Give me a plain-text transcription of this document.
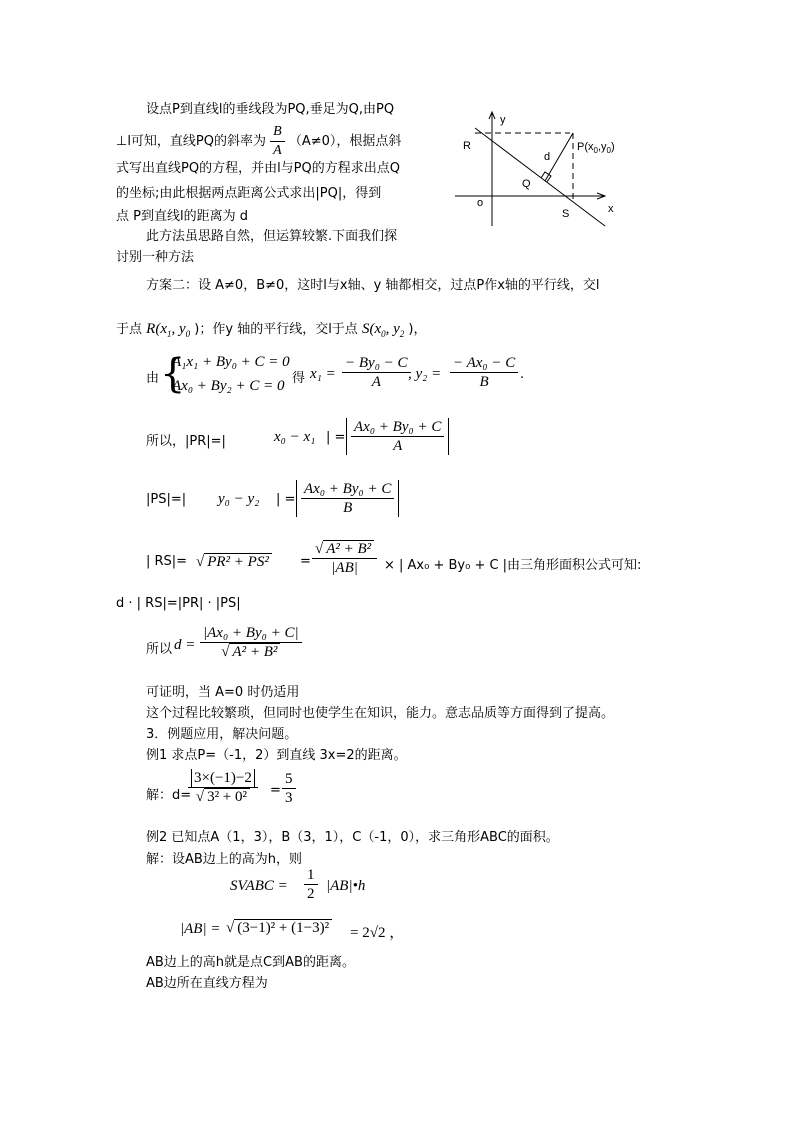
设点P到直线l的垂线段为PQ,垂足为Q,由PQ
⊥l可知，直线PQ的斜率为 $\frac{B}{A} (A\ne 0)$，根据点斜
式写出直线PQ的方程，并由l与PQ的方程求出点Q
的坐标;由此根据两点距离公式求出|PQ|，得到
点 P到直线l的距离为 d
此方法虽思路自然，但运算较繁.下面我们探
讨别一种方法
y
x
o
R	$P(x_0,y_0)$
d
Q
S
方案二：设 A≠0，B≠0，这时l与x轴、y 轴都相交，过点P作x轴的平行线，交l
于点 $R(x_1$, $y_0$ )；作y 轴的平行线，交l于点 $S(x_0$, $y_2$ )，
由 {
A₁x₁ + By₀ + C = 0
Ax₀ + By₂ + C = 0 得 $x_1 = \frac{\text{− By₀ − C}}{A}$
, $y_2 = \frac{\text{− Ax₀ − C}}{B}$ .
所以，|PR|=|	x₀ − x₁ | = $\frac{\text{Ax₀ + By₀ + C}}{A}$
|PS|=| y₀ − y₂ | = $\frac{\text{Ax₀ + By₀ + C}}{B}$
| RS|= √ $PR^2 + PS^2 = \frac{\text{√ A² + B²}}{|AB|}$ × | Ax₀ + By₀ + C |由三角形面积公式可知:
d · | RS|=|PR| · |PS|
所以 $d = \frac{\text{|Ax₀ + By₀ + C|}}{\text{√ A² + B²}}$
可证明，当 A=0 时仍适用
这个过程比较繁琐，但同时也使学生在知识，能力。意志品质等方面得到了提高。
3．例题应用，解决问题。
例1 求点P=（-1，2）到直线 3x=2的距离。
解：d=
$\frac{3\times(-1)-2}{\text{√ 3² + 0²}} = \frac{5}{3}$
例2 已知点A（1，3），B（3，1），C（-1，0），求三角形ABC的面积。
解：设AB边上的高为h，则
SVABC = $\frac{1}{2}$ |AB|•h
|AB| = √ (3−1)² + (1−3)² = 2√2 ，
AB边上的高h就是点C到AB的距离。
AB边所在直线方程为
